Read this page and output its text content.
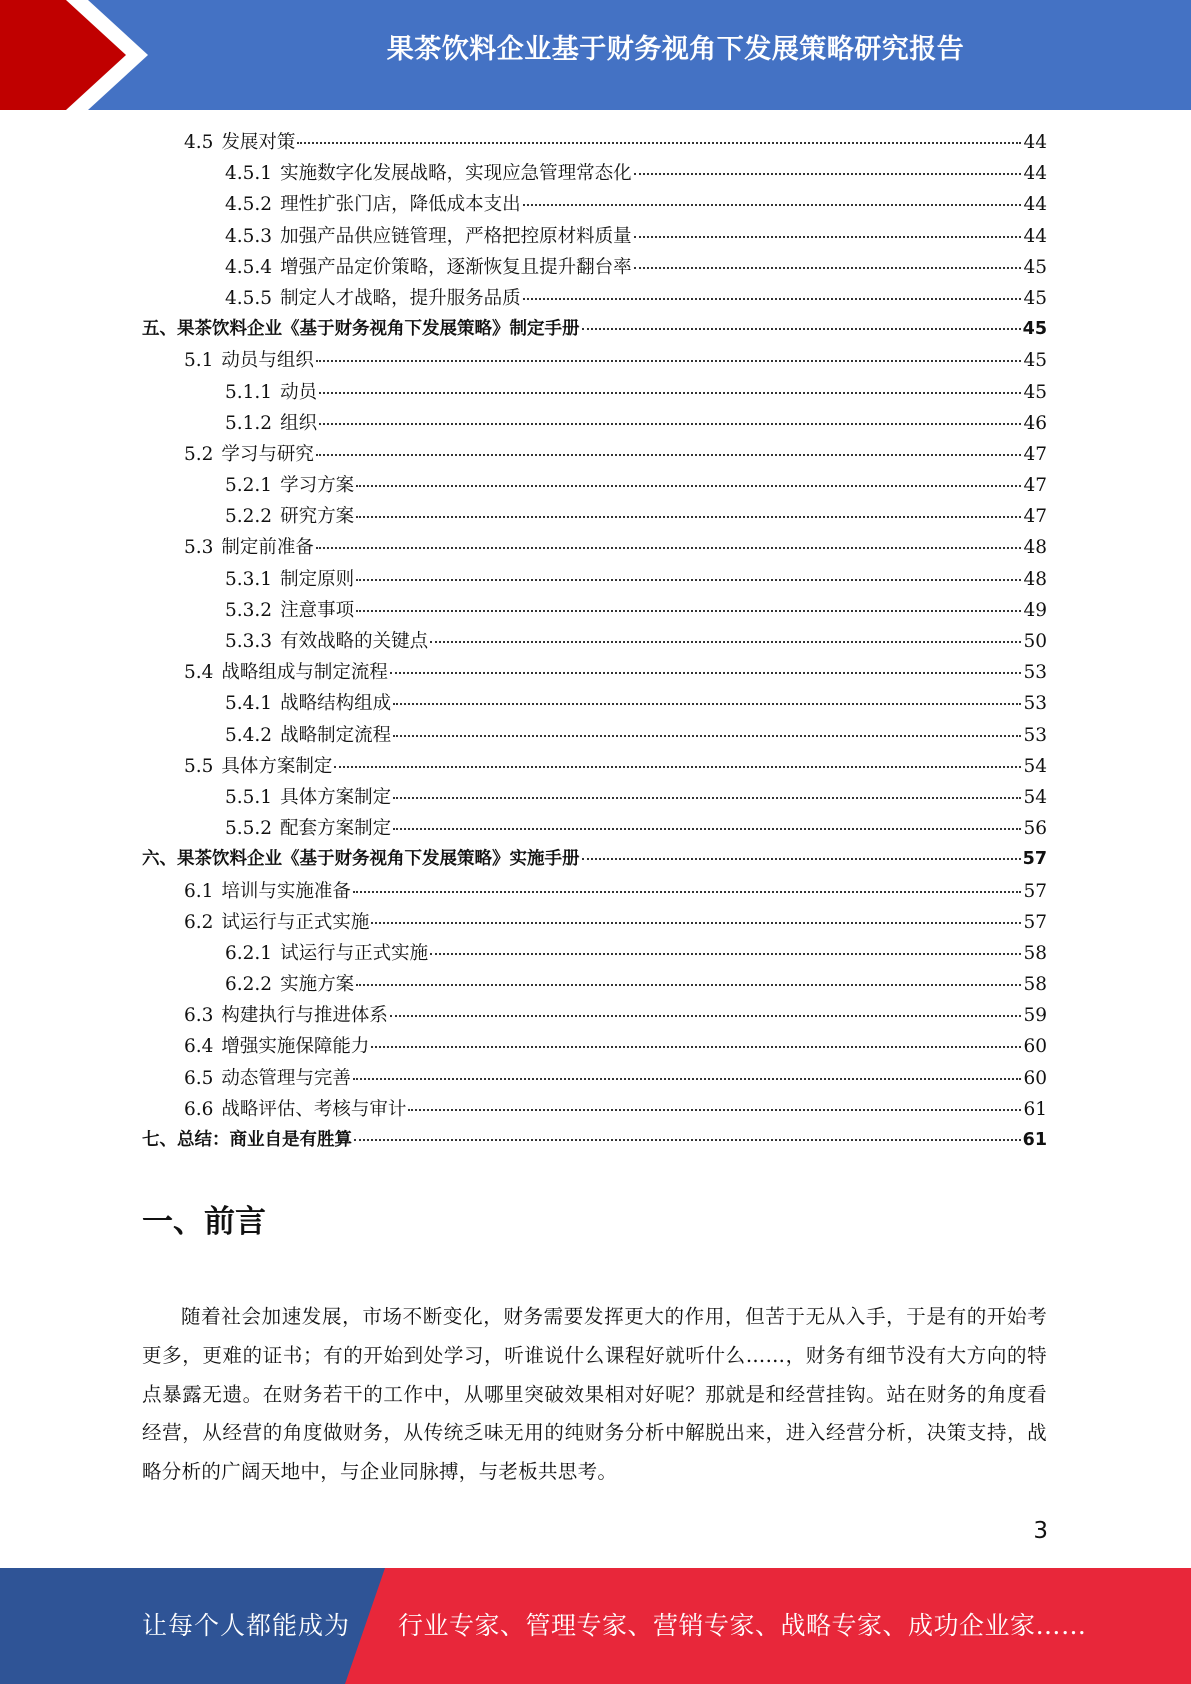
果茶饮料企业基于财务视角下发展策略研究报告
4.5 发展对策	44
4.5.1 实施数字化发展战略，实现应急管理常态化	44
4.5.2 理性扩张门店，降低成本支出	44
4.5.3 加强产品供应链管理，严格把控原材料质量	44
4.5.4 增强产品定价策略，逐渐恢复且提升翻台率	45
4.5.5 制定人才战略，提升服务品质	45
五、果茶饮料企业《基于财务视角下发展策略》制定手册	45
5.1 动员与组织	45
5.1.1 动员	45
5.1.2 组织	46
5.2 学习与研究	47
5.2.1 学习方案	47
5.2.2 研究方案	47
5.3 制定前准备	48
5.3.1 制定原则	48
5.3.2 注意事项	49
5.3.3 有效战略的关键点	50
5.4 战略组成与制定流程	53
5.4.1 战略结构组成	53
5.4.2 战略制定流程	53
5.5 具体方案制定	54
5.5.1 具体方案制定	54
5.5.2 配套方案制定	56
六、果茶饮料企业《基于财务视角下发展策略》实施手册	57
6.1 培训与实施准备	57
6.2 试运行与正式实施	57
6.2.1 试运行与正式实施	58
6.2.2 实施方案	58
6.3 构建执行与推进体系	59
6.4 增强实施保障能力	60
6.5 动态管理与完善	60
6.6 战略评估、考核与审计	61
七、总结：商业自是有胜算	61
一、前言

随着社会加速发展，市场不断变化，财务需要发挥更大的作用，但苦于无从入手，于是有的开始考更多，更难的证书；有的开始到处学习，听谁说什么课程好就听什么……，财务有细节没有大方向的特点暴露无遗。在财务若干的工作中，从哪里突破效果相对好呢？那就是和经营挂钩。站在财务的角度看经营，从经营的角度做财务，从传统乏味无用的纯财务分析中解脱出来，进入经营分析，决策支持，战略分析的广阔天地中，与企业同脉搏，与老板共思考。

3
让每个人都能成为 行业专家、管理专家、营销专家、战略专家、成功企业家……
